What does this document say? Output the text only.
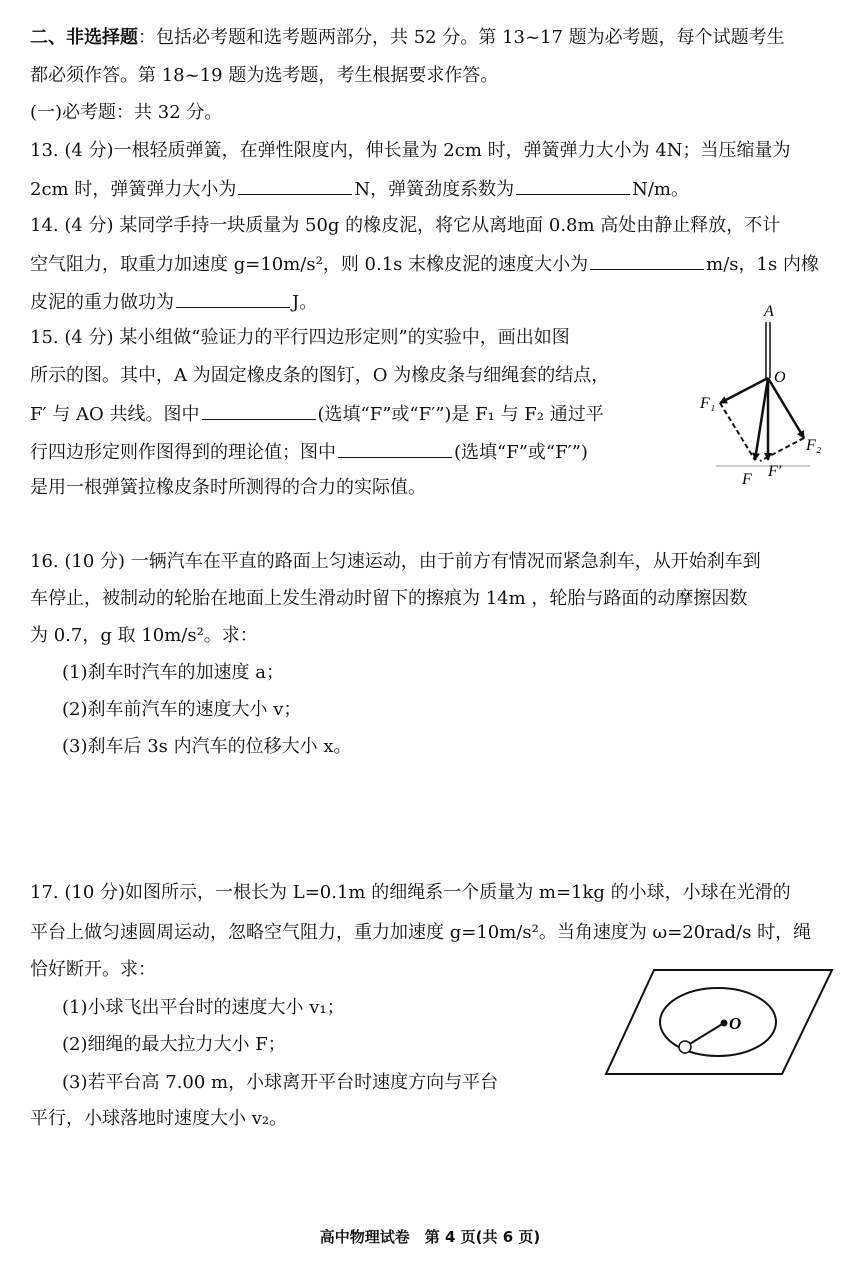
二、非选择题：包括必考题和选考题两部分，共 52 分。第 13~17 题为必考题，每个试题考生
都必须作答。第 18~19 题为选考题，考生根据要求作答。
(一)必考题：共 32 分。
13. (4 分)一根轻质弹簧，在弹性限度内，伸长量为 2cm 时，弹簧弹力大小为 4N；当压缩量为
2cm 时，弹簧弹力大小为	N，弹簧劲度系数为	N/m。
14. (4 分) 某同学手持一块质量为 50g 的橡皮泥，将它从离地面 0.8m 高处由静止释放，不计
空气阻力，取重力加速度 g=10m/s²，则 0.1s 末橡皮泥的速度大小为	m/s，1s 内橡
皮泥的重力做功为	J。
15. (4 分) 某小组做“验证力的平行四边形定则”的实验中，画出如图
所示的图。其中，A 为固定橡皮条的图钉，O 为橡皮条与细绳套的结点，
F′ 与 AO 共线。图中	(选填“F”或“F′”)是 F₁ 与 F₂ 通过平
行四边形定则作图得到的理论值；图中	(选填“F”或“F′”)
是用一根弹簧拉橡皮条时所测得的合力的实际值。
A
O
F₁
F₂
F F′
16. (10 分) 一辆汽车在平直的路面上匀速运动，由于前方有情况而紧急刹车，从开始刹车到
车停止，被制动的轮胎在地面上发生滑动时留下的擦痕为 14m ，轮胎与路面的动摩擦因数
为 0.7，g 取 10m/s²。求：
(1)刹车时汽车的加速度 a；
(2)刹车前汽车的速度大小 v；
(3)刹车后 3s 内汽车的位移大小 x。
17. (10 分)如图所示，一根长为 L=0.1m 的细绳系一个质量为 m=1kg 的小球，小球在光滑的
平台上做匀速圆周运动，忽略空气阻力，重力加速度 g=10m/s²。当角速度为 ω=20rad/s 时，绳
恰好断开。求：
(1)小球飞出平台时的速度大小 v₁；
(2)细绳的最大拉力大小 F；
(3)若平台高 7.00 m，小球离开平台时速度方向与平台
平行，小球落地时速度大小 v₂。
O
高中物理试卷　第 4 页(共 6 页)
